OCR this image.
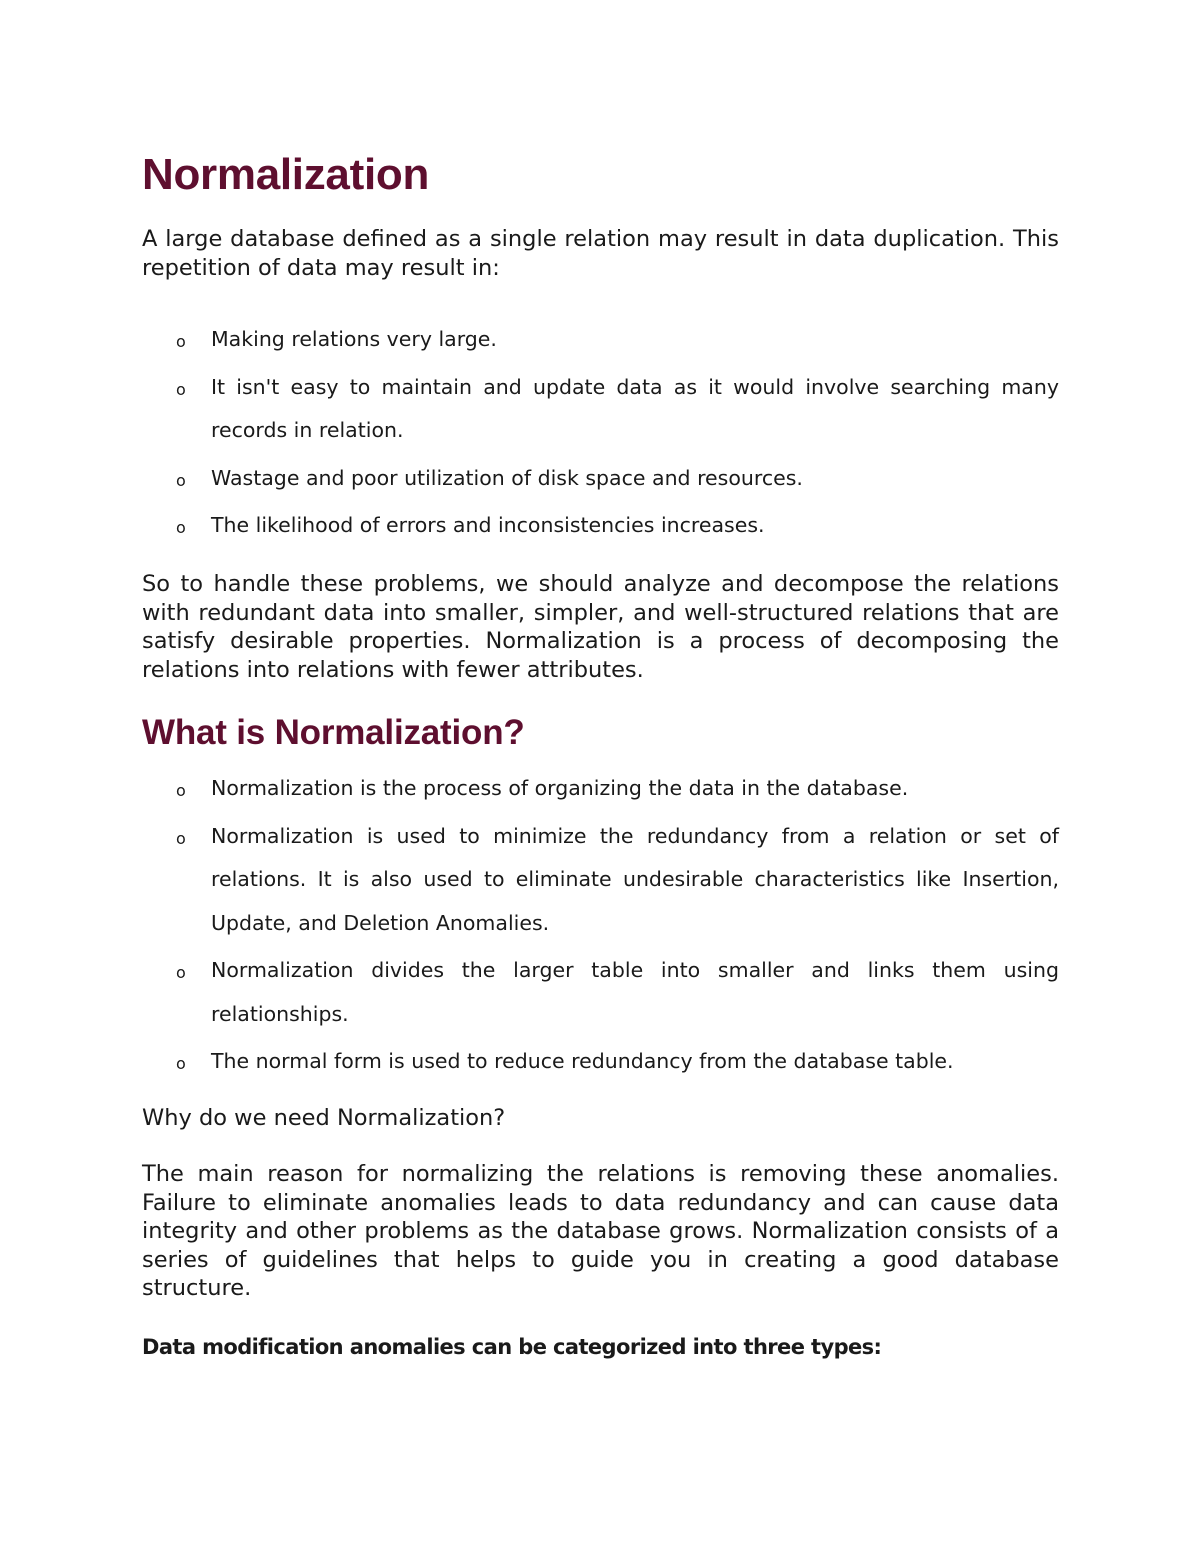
Normalization

A large database defined as a single relation may result in data duplication. This repetition of data may result in:

o Making relations very large.
o It isn't easy to maintain and update data as it would involve searching many records in relation.
o Wastage and poor utilization of disk space and resources.
o The likelihood of errors and inconsistencies increases.

So to handle these problems, we should analyze and decompose the relations with redundant data into smaller, simpler, and well-structured relations that are satisfy desirable properties. Normalization is a process of decomposing the relations into relations with fewer attributes.

What is Normalization?
o Normalization is the process of organizing the data in the database.
o Normalization is used to minimize the redundancy from a relation or set of relations. It is also used to eliminate undesirable characteristics like Insertion, Update, and Deletion Anomalies.
o Normalization divides the larger table into smaller and links them using relationships.
o The normal form is used to reduce redundancy from the database table.

Why do we need Normalization?

The main reason for normalizing the relations is removing these anomalies. Failure to eliminate anomalies leads to data redundancy and can cause data integrity and other problems as the database grows. Normalization consists of a series of guidelines that helps to guide you in creating a good database structure.

Data modification anomalies can be categorized into three types:
